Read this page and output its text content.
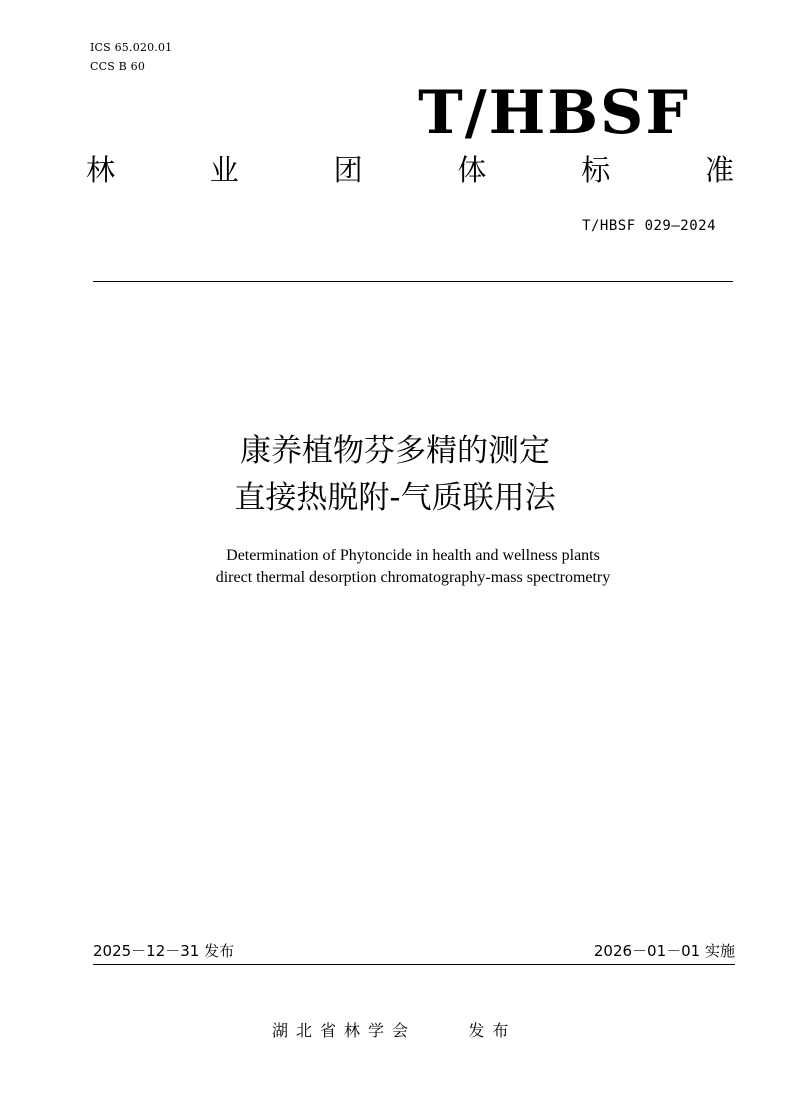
ICS 65.020.01
CCS B 60
T/HBSF
林	业	团	体	标	准
T/HBSF 029—2024
康养植物芬多精的测定
直接热脱附-气质联用法
Determination of Phytoncide in health and wellness plants
direct thermal desorption chromatography-mass spectrometry
2025－12－31 发布	2026－01－01 实施
湖北省林学会	发布
